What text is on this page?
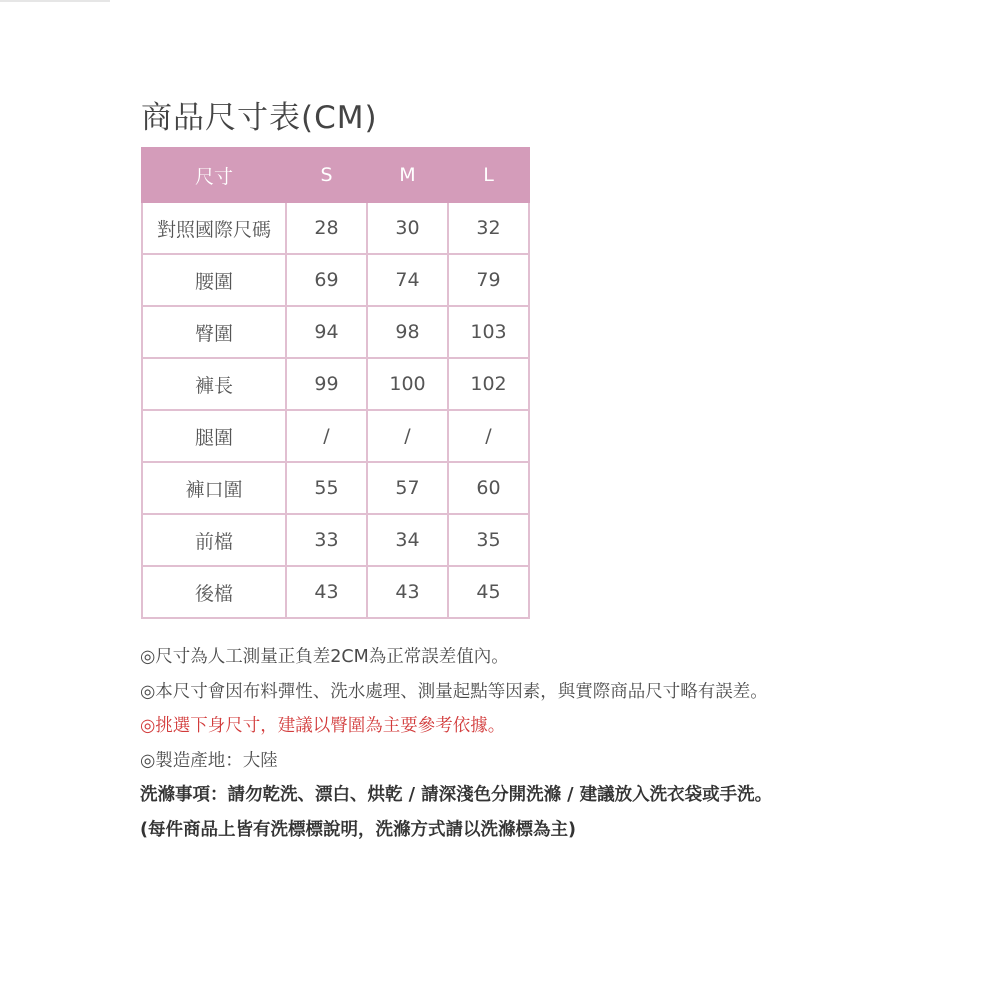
商品尺寸表(CM)
尺寸	S	M	L
對照國際尺碼	28	30	32
腰圍	69	74	79
臀圍	94	98	103
褲長	99	100	102
腿圍	/	/	/
褲口圍	55	57	60
前檔	33	34	35
後檔	43	43	45
◎尺寸為人工測量正負差2CM為正常誤差值內。
◎本尺寸會因布料彈性、洗水處理、測量起點等因素，與實際商品尺寸略有誤差。
◎挑選下身尺寸，建議以臀圍為主要參考依據。
◎製造產地：大陸
洗滌事項：請勿乾洗、漂白、烘乾 / 請深淺色分開洗滌 / 建議放入洗衣袋或手洗。
(每件商品上皆有洗標標說明，洗滌方式請以洗滌標為主)
